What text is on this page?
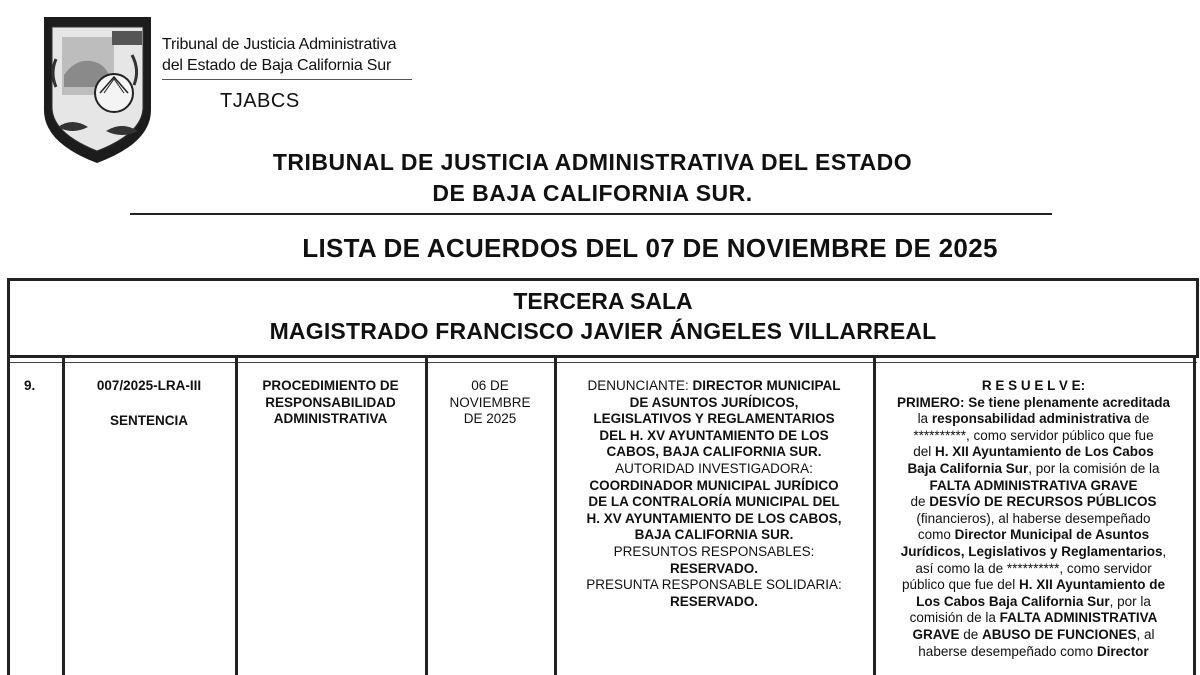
Tribunal de Justicia Administrativa
del Estado de Baja California Sur
TJABCS
TRIBUNAL DE JUSTICIA ADMINISTRATIVA DEL ESTADO
DE BAJA CALIFORNIA SUR.
LISTA DE ACUERDOS DEL 07 DE NOVIEMBRE DE 2025
TERCERA SALA
MAGISTRADO FRANCISCO JAVIER ÁNGELES VILLARREAL
9.	007/2025-LRA-III
SENTENCIA
PROCEDIMIENTO DE
RESPONSABILIDAD
ADMINISTRATIVA
06 DE
NOVIEMBRE
DE 2025
DENUNCIANTE: DIRECTOR MUNICIPAL
DE ASUNTOS JURÍDICOS,
LEGISLATIVOS Y REGLAMENTARIOS
DEL H. XV AYUNTAMIENTO DE LOS
CABOS, BAJA CALIFORNIA SUR.
AUTORIDAD INVESTIGADORA:
COORDINADOR MUNICIPAL JURÍDICO
DE LA CONTRALORÍA MUNICIPAL DEL
H. XV AYUNTAMIENTO DE LOS CABOS,
BAJA CALIFORNIA SUR.
PRESUNTOS RESPONSABLES:
RESERVADO.
PRESUNTA RESPONSABLE SOLIDARIA:
RESERVADO.
R E S U E L V E:
PRIMERO: Se tiene plenamente acreditada
la responsabilidad administrativa de
**********, como servidor público que fue
del H. XII Ayuntamiento de Los Cabos
Baja California Sur, por la comisión de la
FALTA ADMINISTRATIVA GRAVE
de DESVÍO DE RECURSOS PÚBLICOS
(financieros), al haberse desempeñado
como Director Municipal de Asuntos
Jurídicos, Legislativos y Reglamentarios,
así como la de **********, como servidor
público que fue del H. XII Ayuntamiento de
Los Cabos Baja California Sur, por la
comisión de la FALTA ADMINISTRATIVA
GRAVE de ABUSO DE FUNCIONES, al
haberse desempeñado como Director
